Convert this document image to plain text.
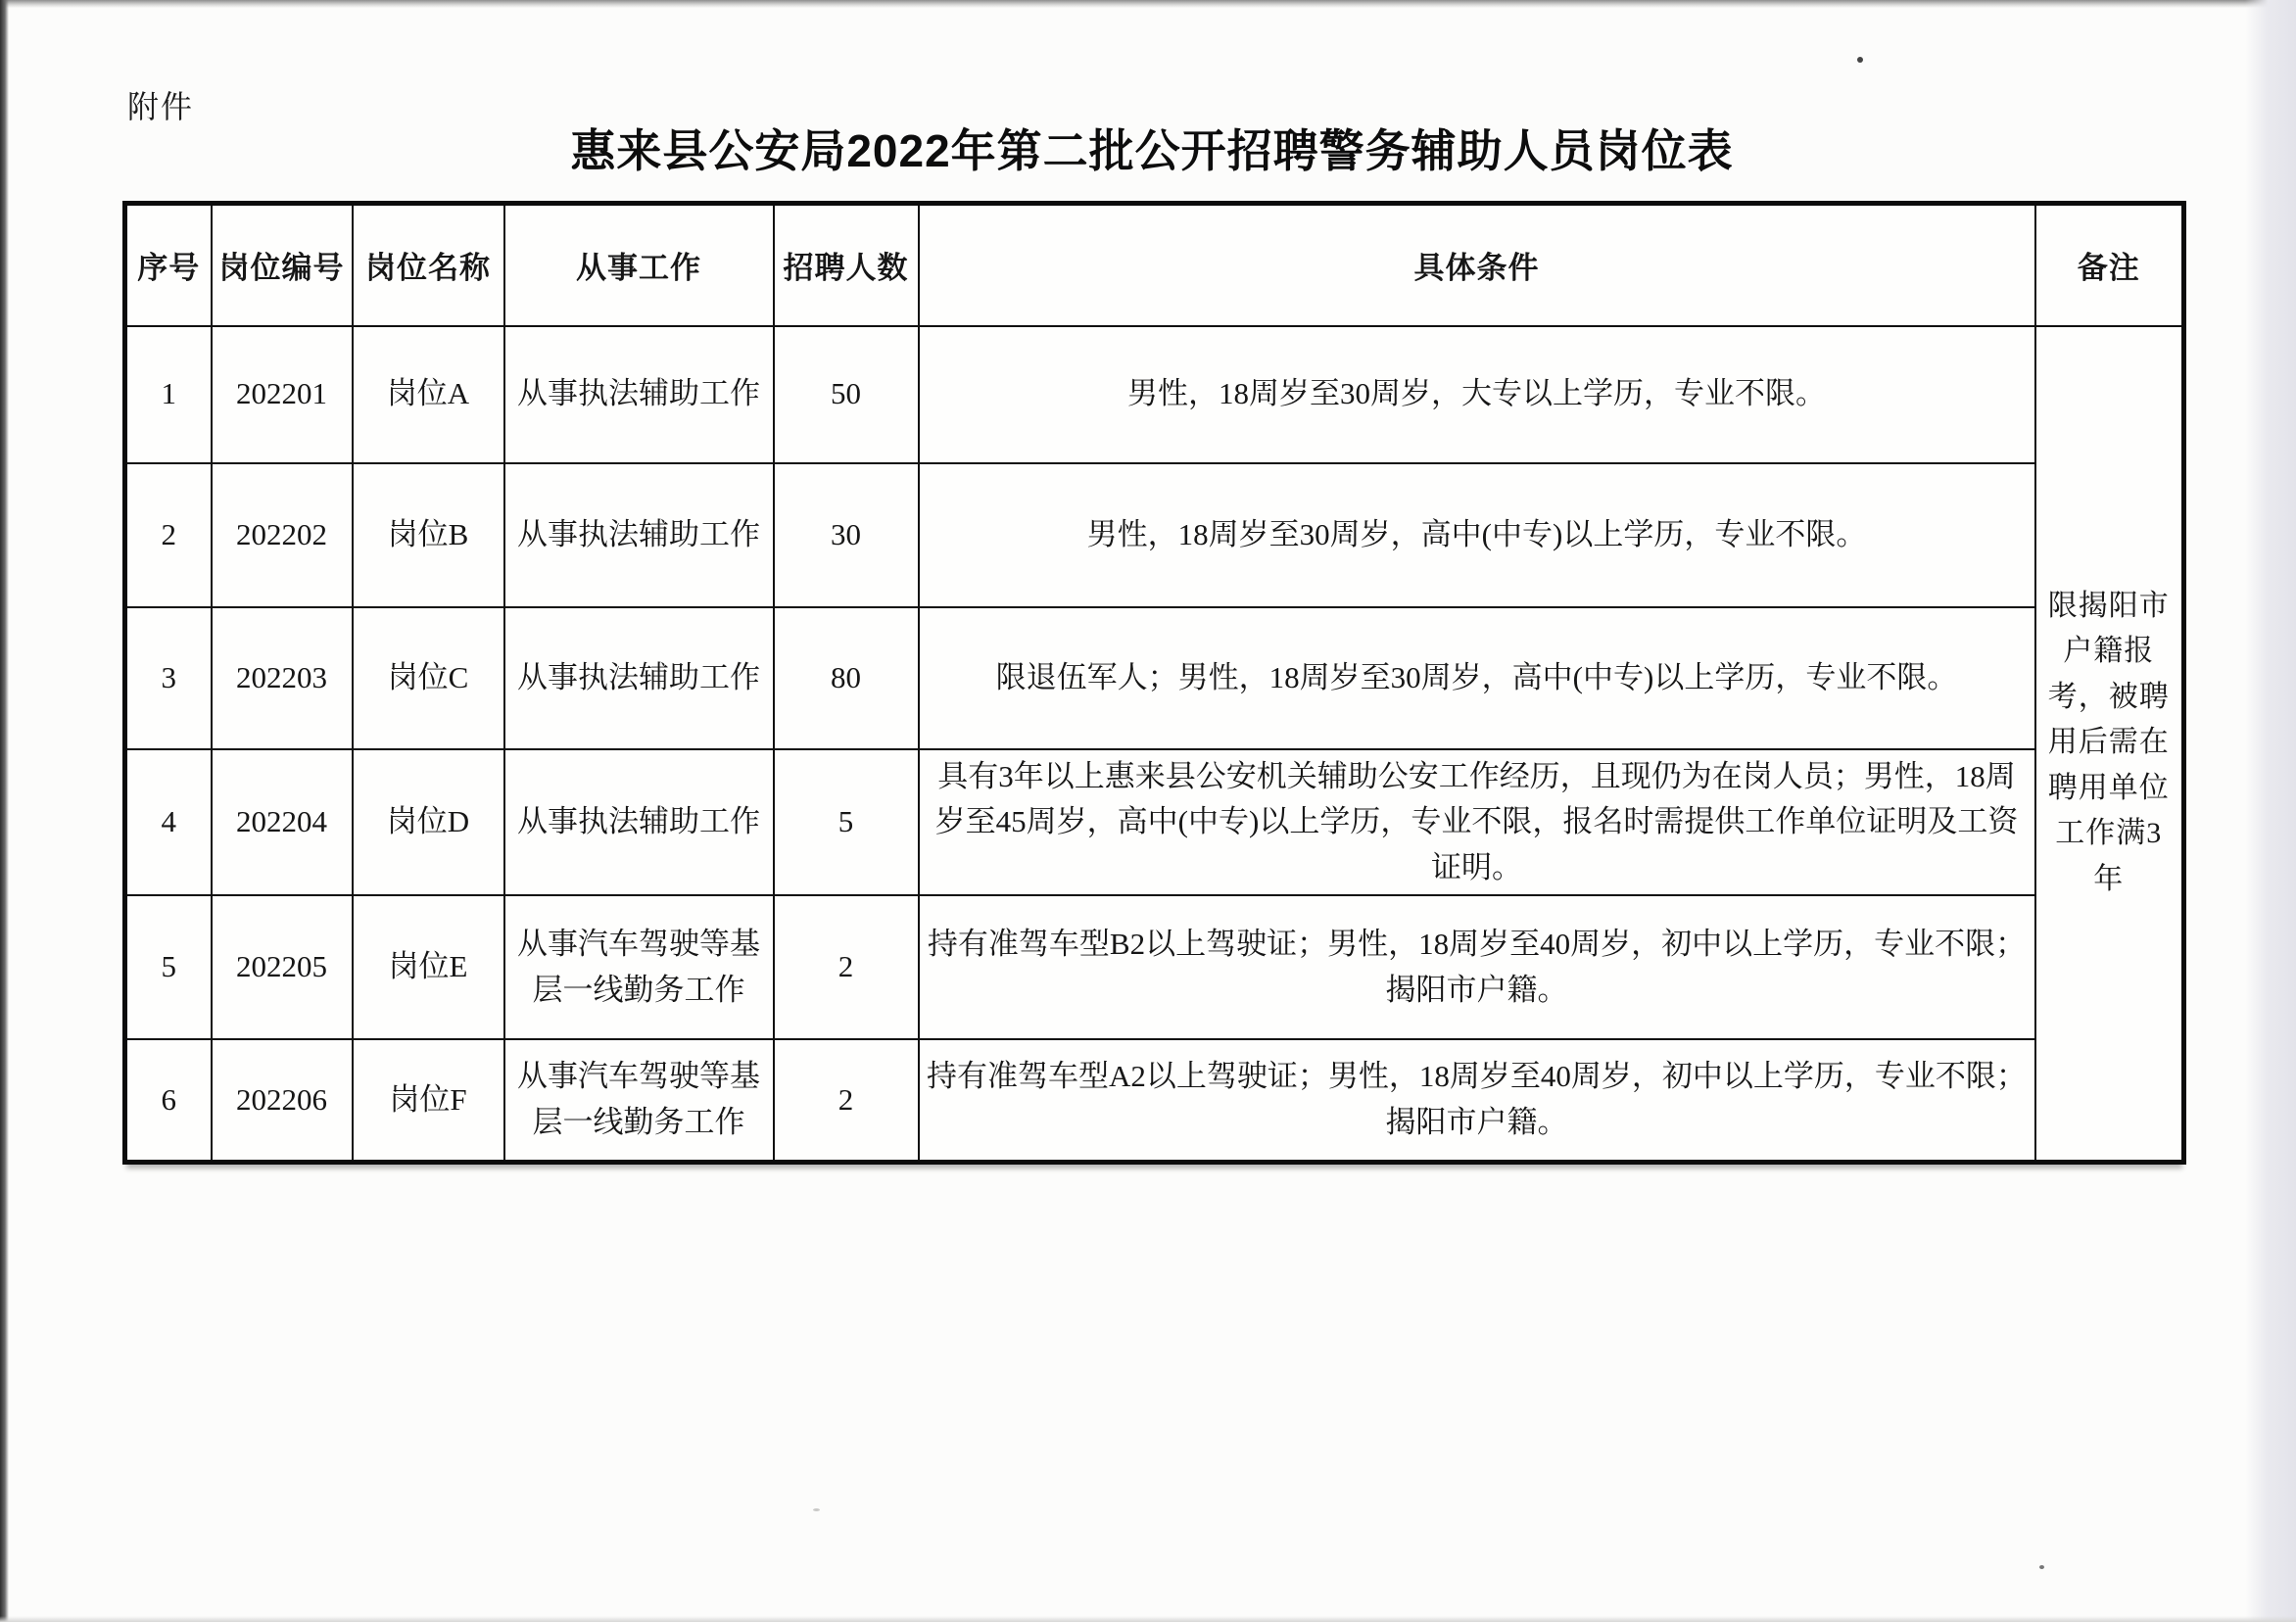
附件
惠来县公安局2022年第二批公开招聘警务辅助人员岗位表
序号	岗位编号	岗位名称	从事工作	招聘人数	具体条件	备注
1	202201	岗位A	从事执法辅助工作	50	男性，18周岁至30周岁，大专以上学历，专业不限。	限揭阳市户籍报考，被聘用后需在聘用单位工作满3年
2	202202	岗位B	从事执法辅助工作	30	男性，18周岁至30周岁，高中(中专)以上学历，专业不限。	
3	202203	岗位C	从事执法辅助工作	80	限退伍军人；男性，18周岁至30周岁，高中(中专)以上学历，专业不限。	
4	202204	岗位D	从事执法辅助工作	5	具有3年以上惠来县公安机关辅助公安工作经历，且现仍为在岗人员；男性，18周岁至45周岁，高中(中专)以上学历，专业不限，报名时需提供工作单位证明及工资证明。	
5	202205	岗位E	从事汽车驾驶等基层一线勤务工作	2	持有准驾车型B2以上驾驶证；男性，18周岁至40周岁，初中以上学历，专业不限；揭阳市户籍。	
6	202206	岗位F	从事汽车驾驶等基层一线勤务工作	2	持有准驾车型A2以上驾驶证；男性，18周岁至40周岁，初中以上学历，专业不限；揭阳市户籍。	
